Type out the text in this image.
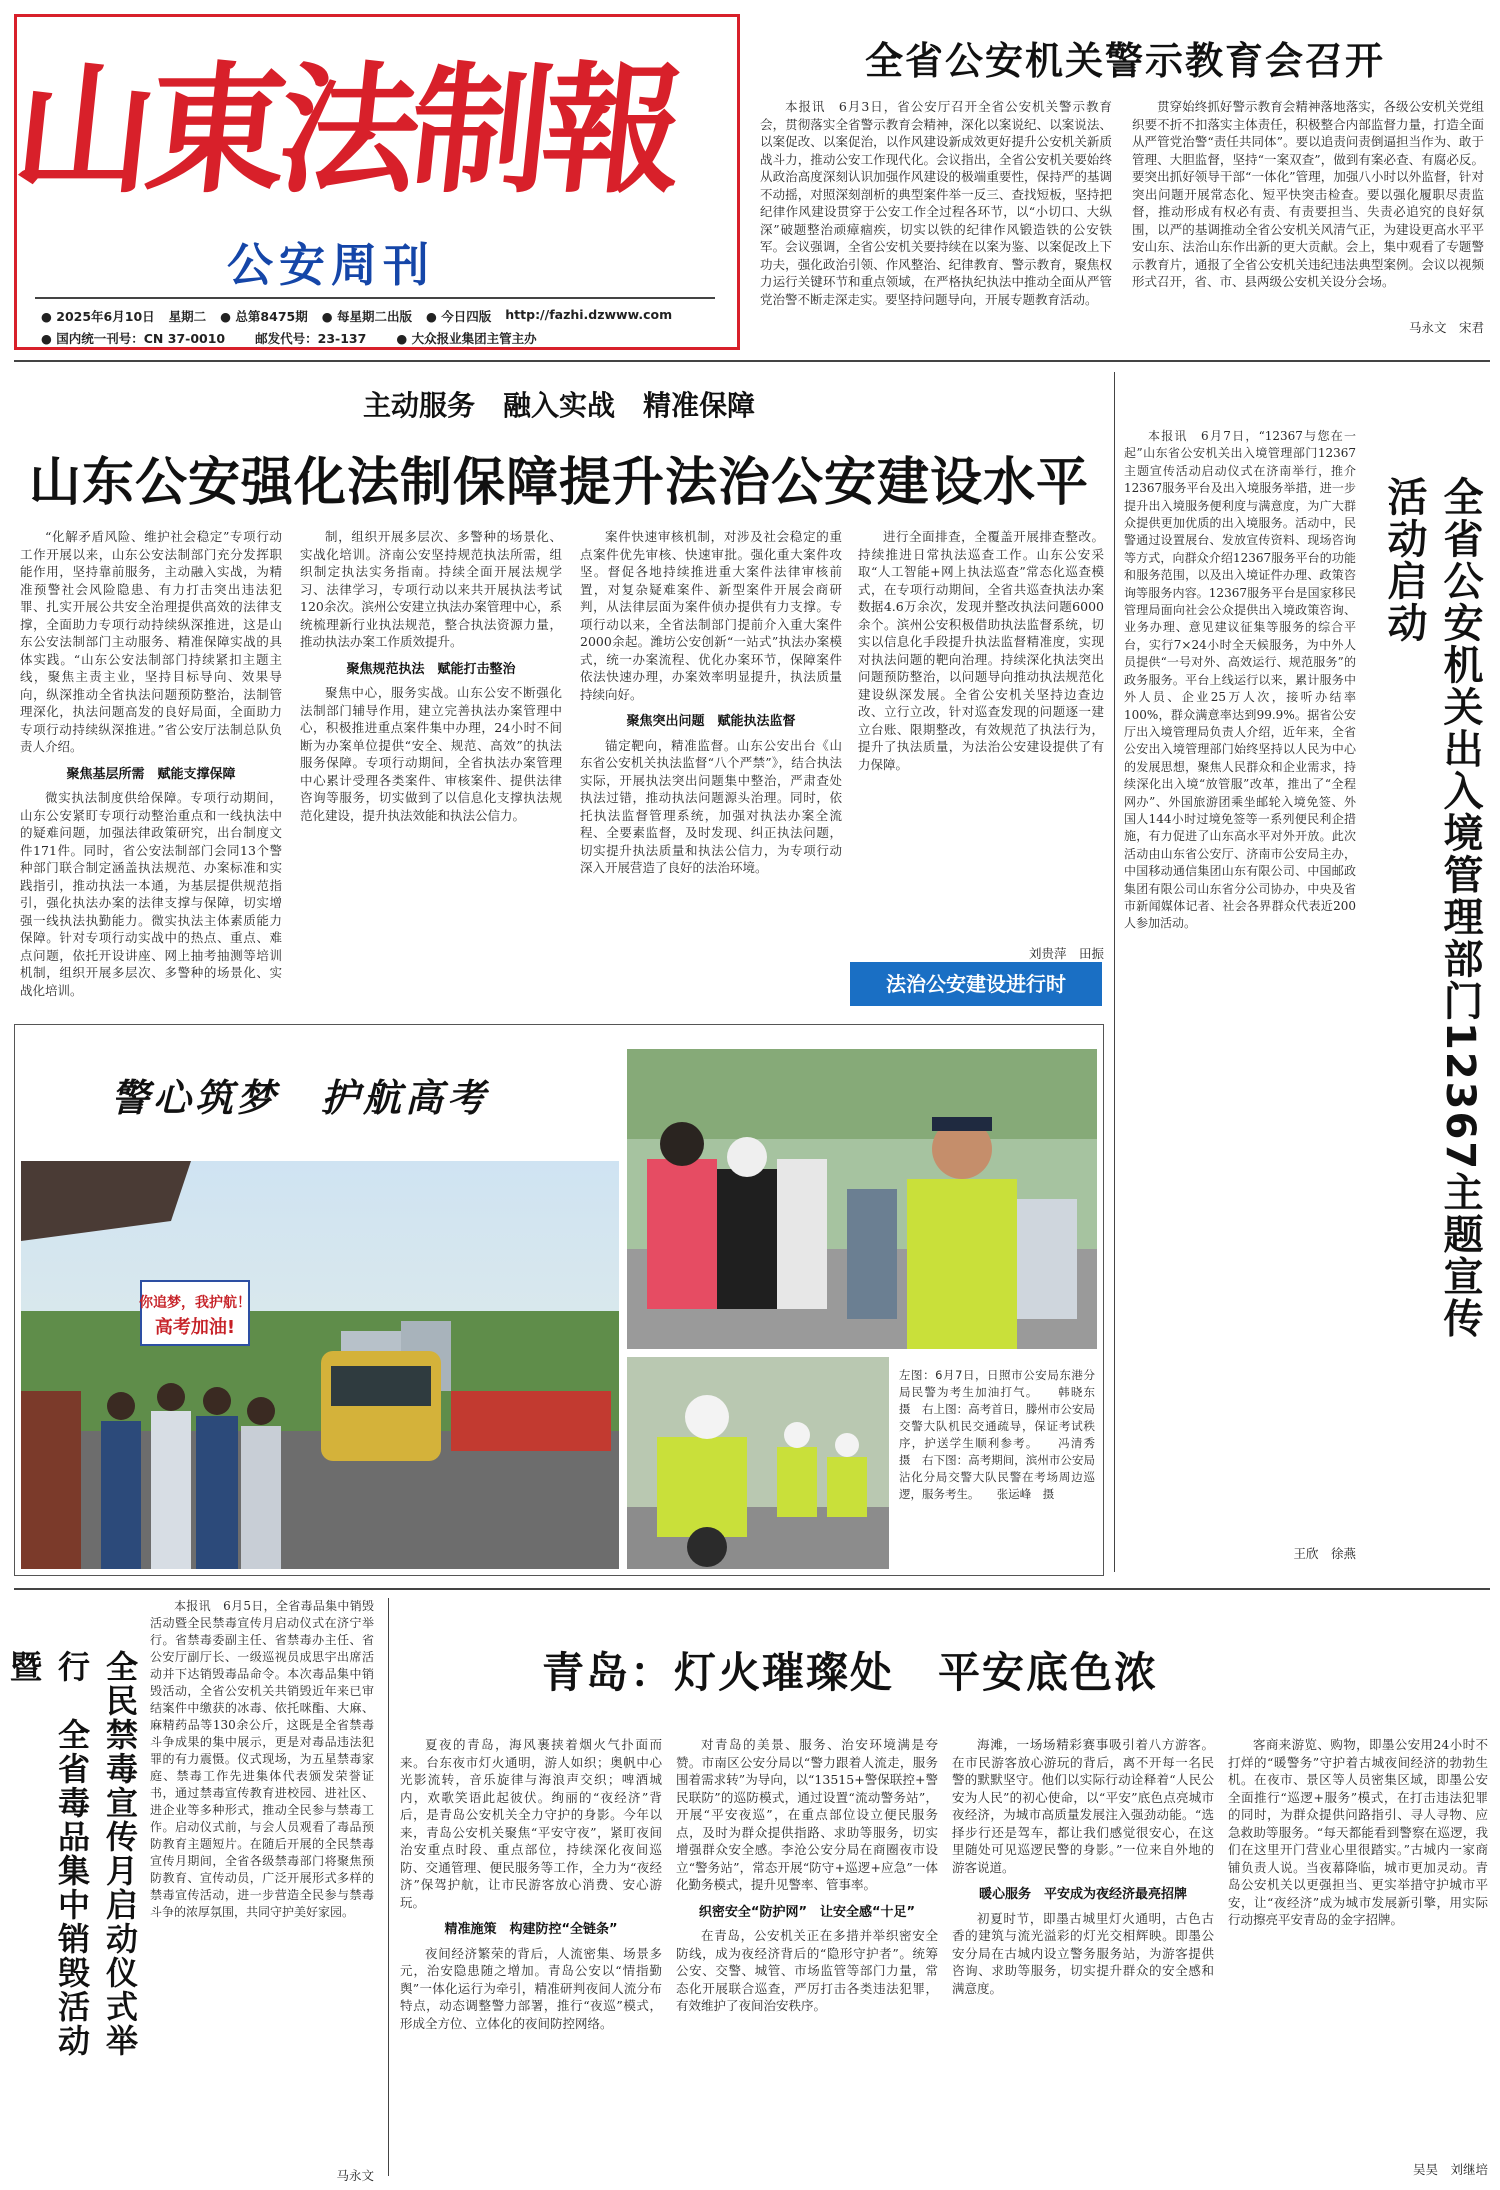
山東法制報
公安周刊
● 2025年6月10日 星期二 ● 总第8475期 ● 每星期二出版 ● 今日四版 http://fazhi.dzwww.com
● 国内统一刊号：CN 37-0010 邮发代号：23-137 ● 大众报业集团主管主办
全省公安机关警示教育会召开

本报讯　6月3日，省公安厅召开全省公安机关警示教育会，贯彻落实全省警示教育会精神，深化以案说纪、以案说法、以案促改、以案促治，以作风建设新成效更好提升公安机关新质战斗力，推动公安工作现代化。会议指出，全省公安机关要始终从政治高度深刻认识加强作风建设的极端重要性，保持严的基调不动摇，对照深刻剖析的典型案件举一反三、查找短板，坚持把纪律作风建设贯穿于公安工作全过程各环节，以“小切口、大纵深”破题整治顽瘴痼疾，切实以铁的纪律作风锻造铁的公安铁军。会议强调，全省公安机关要持续在以案为鉴、以案促改上下功夫，强化政治引领、作风整治、纪律教育、警示教育，聚焦权力运行关键环节和重点领域，在严格执纪执法中推动全面从严管党治警不断走深走实。要坚持问题导向，开展专题教育活动。

贯穿始终抓好警示教育会精神落地落实，各级公安机关党组织要不折不扣落实主体责任，积极整合内部监督力量，打造全面从严管党治警“责任共同体”。要以追责问责倒逼担当作为、敢于管理、大胆监督，坚持“一案双查”，做到有案必查、有腐必反。要突出抓好领导干部“一体化”管理，加强八小时以外监督，针对突出问题开展常态化、短平快突击检查。要以强化履职尽责监督，推动形成有权必有责、有责要担当、失责必追究的良好氛围，以严的基调推动全省公安机关风清气正，为建设更高水平平安山东、法治山东作出新的更大贡献。会上，集中观看了专题警示教育片，通报了全省公安机关违纪违法典型案例。会议以视频形式召开，省、市、县两级公安机关设分会场。

马永文　宋君
主动服务　融入实战　精准保障
山东公安强化法制保障提升法治公安建设水平

“化解矛盾风险、维护社会稳定”专项行动工作开展以来，山东公安法制部门充分发挥职能作用，坚持靠前服务，主动融入实战，为精准预警社会风险隐患、有力打击突出违法犯罪、扎实开展公共安全治理提供高效的法律支撑，全面助力专项行动持续纵深推进，这是山东公安法制部门主动服务、精准保障实战的具体实践。“山东公安法制部门持续紧扣主题主线，聚焦主责主业，坚持目标导向、效果导向，纵深推动全省执法问题预防整治，法制管理深化，执法问题高发的良好局面，全面助力专项行动持续纵深推进。”省公安厅法制总队负责人介绍。

聚焦基层所需　赋能支撑保障

微实执法制度供给保障。专项行动期间，山东公安紧盯专项行动整治重点和一线执法中的疑难问题，加强法律政策研究，出台制度文件171件。同时，省公安法制部门会同13个警种部门联合制定涵盖执法规范、办案标准和实践指引，推动执法一本通，为基层提供规范指引，强化执法办案的法律支撑与保障，切实增强一线执法执勤能力。微实执法主体素质能力保障。针对专项行动实战中的热点、重点、难点问题，依托开设讲座、网上抽考抽测等培训机制，组织开展多层次、多警种的场景化、实战化培训。

制，组织开展多层次、多警种的场景化、实战化培训。济南公安坚持规范执法所需，组织制定执法实务指南。持续全面开展法规学习、法律学习，专项行动以来共开展执法考试120余次。滨州公安建立执法办案管理中心，系统梳理新行业执法规范，整合执法资源力量，推动执法办案工作质效提升。

聚焦规范执法　赋能打击整治

聚焦中心，服务实战。山东公安不断强化法制部门辅导作用，建立完善执法办案管理中心，积极推进重点案件集中办理，24小时不间断为办案单位提供“安全、规范、高效”的执法服务保障。专项行动期间，全省执法办案管理中心累计受理各类案件、审核案件、提供法律咨询等服务，切实做到了以信息化支撑执法规范化建设，提升执法效能和执法公信力。

案件快速审核机制，对涉及社会稳定的重点案件优先审核、快速审批。强化重大案件攻坚。督促各地持续推进重大案件法律审核前置，对复杂疑难案件、新型案件开展会商研判，从法律层面为案件侦办提供有力支撑。专项行动以来，全省法制部门提前介入重大案件2000余起。潍坊公安创新“一站式”执法办案模式，统一办案流程、优化办案环节，保障案件依法快速办理，办案效率明显提升，执法质量持续向好。

聚焦突出问题　赋能执法监督

锚定靶向，精准监督。山东公安出台《山东省公安机关执法监督“八个严禁”》，结合执法实际，开展执法突出问题集中整治，严肃查处执法过错，推动执法问题源头治理。同时，依托执法监督管理系统，加强对执法办案全流程、全要素监督，及时发现、纠正执法问题，切实提升执法质量和执法公信力，为专项行动深入开展营造了良好的法治环境。

进行全面排查，全覆盖开展排查整改。持续推进日常执法巡查工作。山东公安采取“人工智能+网上执法巡查”常态化巡查模式，在专项行动期间，全省共巡查执法办案数据4.6万余次，发现并整改执法问题6000余个。滨州公安积极借助执法监督系统，切实以信息化手段提升执法监督精准度，实现对执法问题的靶向治理。持续深化执法突出问题预防整治，以问题导向推动执法规范化建设纵深发展。全省公安机关坚持边查边改、立行立改，针对巡查发现的问题逐一建立台账、限期整改，有效规范了执法行为，提升了执法质量，为法治公安建设提供了有力保障。

刘贵萍　田振
法治公安建设进行时

本报讯　6月7日，“12367与您在一起”山东省公安机关出入境管理部门12367主题宣传活动启动仪式在济南举行，推介12367服务平台及出入境服务举措，进一步提升出入境服务便利度与满意度，为广大群众提供更加优质的出入境服务。活动中，民警通过设置展台、发放宣传资料、现场咨询等方式，向群众介绍12367服务平台的功能和服务范围，以及出入境证件办理、政策咨询等服务内容。12367服务平台是国家移民管理局面向社会公众提供出入境政策咨询、业务办理、意见建议征集等服务的综合平台，实行7×24小时全天候服务，为中外人员提供“一号对外、高效运行、规范服务”的政务服务。平台上线运行以来，累计服务中外人员、企业25万人次，接听办结率100%，群众满意率达到99.9%。据省公安厅出入境管理局负责人介绍，近年来，全省公安出入境管理部门始终坚持以人民为中心的发展思想，聚焦人民群众和企业需求，持续深化出入境“放管服”改革，推出了“全程网办”、外国旅游团乘坐邮轮入境免签、外国人144小时过境免签等一系列便民利企措施，有力促进了山东高水平对外开放。此次活动由山东省公安厅、济南市公安局主办，中国移动通信集团山东有限公司、中国邮政集团有限公司山东省分公司协办，中央及省市新闻媒体记者、社会各界群众代表近200人参加活动。

王欣　徐燕
全省公安机关出入境管理部门12367主题宣传活动启动
警心筑梦　护航高考
你追梦，我护航！
高考加油!

左图：6月7日，日照市公安局东港分局民警为考生加油打气。　　韩晓东　摄　右上图：高考首日，滕州市公安局交警大队机民交通疏导，保证考试秩序，护送学生顺利参考。　　冯清秀　摄　右下图：高考期间，滨州市公安局沾化分局交警大队民警在考场周边巡逻，服务考生。　　张运峰　摄

全民禁毒宣传月启动仪式举行　全省毒品集中销毁活动暨

本报讯　6月5日，全省毒品集中销毁活动暨全民禁毒宣传月启动仪式在济宁举行。省禁毒委副主任、省禁毒办主任、省公安厅副厅长、一级巡视员成思宇出席活动并下达销毁毒品命令。本次毒品集中销毁活动，全省公安机关共销毁近年来已审结案件中缴获的冰毒、依托咪酯、大麻、麻精药品等130余公斤，这既是全省禁毒斗争成果的集中展示，更是对毒品违法犯罪的有力震慑。仪式现场，为五星禁毒家庭、禁毒工作先进集体代表颁发荣誉证书，通过禁毒宣传教育进校园、进社区、进企业等多种形式，推动全民参与禁毒工作。启动仪式前，与会人员观看了毒品预防教育主题短片。在随后开展的全民禁毒宣传月期间，全省各级禁毒部门将聚焦预防教育、宣传动员，广泛开展形式多样的禁毒宣传活动，进一步营造全民参与禁毒斗争的浓厚氛围，共同守护美好家园。

马永文
青岛：灯火璀璨处　平安底色浓

夏夜的青岛，海风裹挟着烟火气扑面而来。台东夜市灯火通明，游人如织；奥帆中心光影流转，音乐旋律与海浪声交织；啤酒城内，欢歌笑语此起彼伏。绚丽的“夜经济”背后，是青岛公安机关全力守护的身影。今年以来，青岛公安机关聚焦“平安守夜”，紧盯夜间治安重点时段、重点部位，持续深化夜间巡防、交通管理、便民服务等工作，全力为“夜经济”保驾护航，让市民游客放心消费、安心游玩。

精准施策　构建防控“全链条”

夜间经济繁荣的背后，人流密集、场景多元，治安隐患随之增加。青岛公安以“情指勤舆”一体化运行为牵引，精准研判夜间人流分布特点，动态调整警力部署，推行“夜巡”模式，形成全方位、立体化的夜间防控网络。

对青岛的美景、服务、治安环境满是夸赞。市南区公安分局以“警力跟着人流走，服务围着需求转”为导向，以“13515+警保联控+警民联防”的巡防模式，通过设置“流动警务站”，开展“平安夜巡”，在重点部位设立便民服务点，及时为群众提供指路、求助等服务，切实增强群众安全感。李沧公安分局在商圈夜市设立“警务站”，常态开展“防守+巡逻+应急”一体化勤务模式，提升见警率、管事率。

织密安全“防护网”　让安全感“十足”

在青岛，公安机关正在多措并举织密安全防线，成为夜经济背后的“隐形守护者”。统筹公安、交警、城管、市场监管等部门力量，常态化开展联合巡查，严厉打击各类违法犯罪，有效维护了夜间治安秩序。

海滩，一场场精彩赛事吸引着八方游客。在市民游客放心游玩的背后，离不开每一名民警的默默坚守。他们以实际行动诠释着“人民公安为人民”的初心使命，以“平安”底色点亮城市夜经济，为城市高质量发展注入强劲动能。“选择步行还是驾车，都让我们感觉很安心，在这里随处可见巡逻民警的身影。”一位来自外地的游客说道。

暖心服务　平安成为夜经济最亮招牌

初夏时节，即墨古城里灯火通明，古色古香的建筑与流光溢彩的灯光交相辉映。即墨公安分局在古城内设立警务服务站，为游客提供咨询、求助等服务，切实提升群众的安全感和满意度。

客商来游览、购物，即墨公安用24小时不打烊的“暖警务”守护着古城夜间经济的勃勃生机。在夜市、景区等人员密集区域，即墨公安全面推行“巡逻+服务”模式，在打击违法犯罪的同时，为群众提供问路指引、寻人寻物、应急救助等服务。“每天都能看到警察在巡逻，我们在这里开门营业心里很踏实。”古城内一家商铺负责人说。当夜幕降临，城市更加灵动。青岛公安机关以更强担当、更实举措守护城市平安，让“夜经济”成为城市发展新引擎，用实际行动擦亮平安青岛的金字招牌。

吴昊　刘继培
